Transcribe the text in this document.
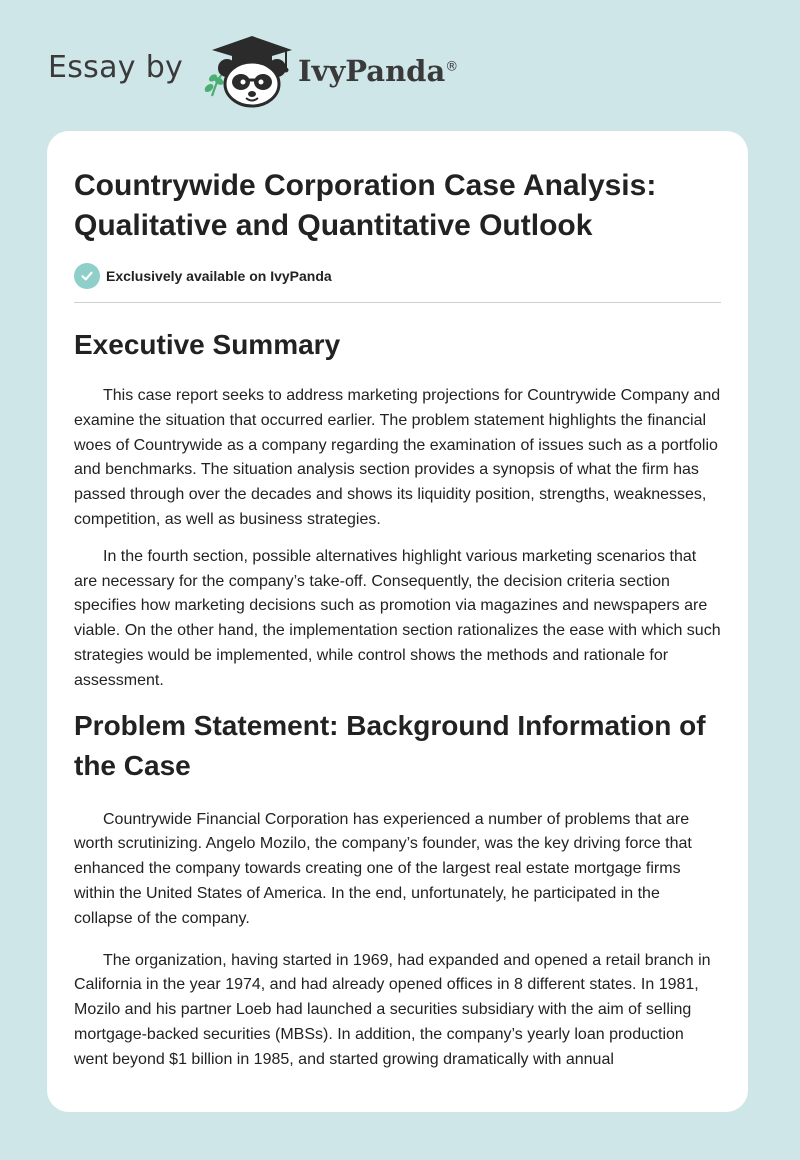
Essay by	IvyPanda®
Countrywide Corporation Case Analysis: Qualitative and Quantitative Outlook
Exclusively available on IvyPanda
Executive Summary

This case report seeks to address marketing projections for Countrywide Company and examine the situation that occurred earlier. The problem statement highlights the financial woes of Countrywide as a company regarding the examination of issues such as a portfolio and benchmarks. The situation analysis section provides a synopsis of what the firm has passed through over the decades and shows its liquidity position, strengths, weaknesses, competition, as well as business strategies.

In the fourth section, possible alternatives highlight various marketing scenarios that are necessary for the company’s take-off. Consequently, the decision criteria section specifies how marketing decisions such as promotion via magazines and newspapers are viable. On the other hand, the implementation section rationalizes the ease with which such strategies would be implemented, while control shows the methods and rationale for assessment.

Problem Statement: Background Information of the Case

Countrywide Financial Corporation has experienced a number of problems that are worth scrutinizing. Angelo Mozilo, the company’s founder, was the key driving force that enhanced the company towards creating one of the largest real estate mortgage firms within the United States of America. In the end, unfortunately, he participated in the collapse of the company.

The organization, having started in 1969, had expanded and opened a retail branch in California in the year 1974, and had already opened offices in 8 different states. In 1981, Mozilo and his partner Loeb had launched a securities subsidiary with the aim of selling mortgage-backed securities (MBSs). In addition, the company’s yearly loan production went beyond $1 billion in 1985, and started growing dramatically with annual
